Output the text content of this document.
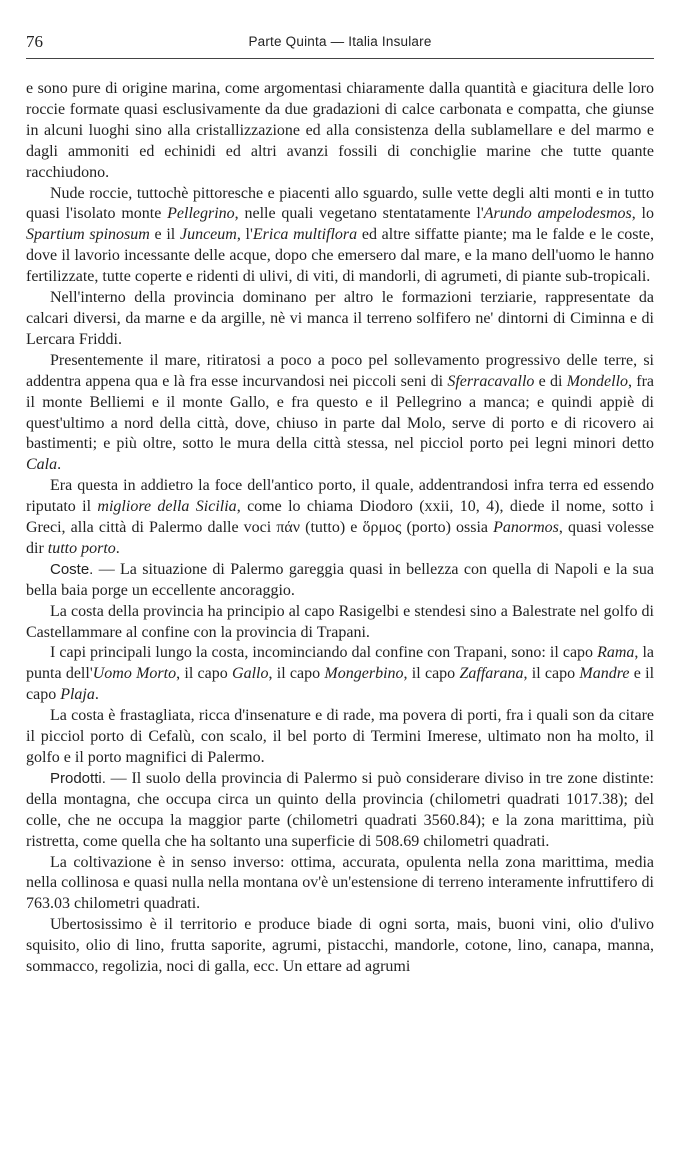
76	Parte Quinta — Italia Insulare

e sono pure di origine marina, come argomentasi chiaramente dalla quantità e giacitura delle loro roccie formate quasi esclusivamente da due gradazioni di calce carbonata e compatta, che giunse in alcuni luoghi sino alla cristallizzazione ed alla consistenza della sublamellare e del marmo e dagli ammoniti ed echinidi ed altri avanzi fossili di conchiglie marine che tutte quante racchiudono.

Nude roccie, tuttochè pittoresche e piacenti allo sguardo, sulle vette degli alti monti e in tutto quasi l'isolato monte Pellegrino, nelle quali vegetano stentatamente l'Arundo ampelodesmos, lo Spartium spinosum e il Junceum, l'Erica multiflora ed altre siffatte piante; ma le falde e le coste, dove il lavorio incessante delle acque, dopo che emersero dal mare, e la mano dell'uomo le hanno fertilizzate, tutte coperte e ridenti di ulivi, di viti, di mandorli, di agrumeti, di piante sub-tropicali.

Nell'interno della provincia dominano per altro le formazioni terziarie, rappresentate da calcari diversi, da marne e da argille, nè vi manca il terreno solfifero ne' dintorni di Ciminna e di Lercara Friddi.

Presentemente il mare, ritiratosi a poco a poco pel sollevamento progressivo delle terre, si addentra appena qua e là fra esse incurvandosi nei piccoli seni di Sferracavallo e di Mondello, fra il monte Belliemi e il monte Gallo, e fra questo e il Pellegrino a manca; e quindi appiè di quest'ultimo a nord della città, dove, chiuso in parte dal Molo, serve di porto e di ricovero ai bastimenti; e più oltre, sotto le mura della città stessa, nel picciol porto pei legni minori detto Cala.

Era questa in addietro la foce dell'antico porto, il quale, addentrandosi infra terra ed essendo riputato il migliore della Sicilia, come lo chiama Diodoro (xxii, 10, 4), diede il nome, sotto i Greci, alla città di Palermo dalle voci πάν (tutto) e ὅρμος (porto) ossia Panormos, quasi volesse dir tutto porto.

Coste. — La situazione di Palermo gareggia quasi in bellezza con quella di Napoli e la sua bella baia porge un eccellente ancoraggio.

La costa della provincia ha principio al capo Rasigelbi e stendesi sino a Balestrate nel golfo di Castellammare al confine con la provincia di Trapani.

I capi principali lungo la costa, incominciando dal confine con Trapani, sono: il capo Rama, la punta dell'Uomo Morto, il capo Gallo, il capo Mongerbino, il capo Zaffarana, il capo Mandre e il capo Plaja.

La costa è frastagliata, ricca d'insenature e di rade, ma povera di porti, fra i quali son da citare il picciol porto di Cefalù, con scalo, il bel porto di Termini Imerese, ultimato non ha molto, il golfo e il porto magnifici di Palermo.

Prodotti. — Il suolo della provincia di Palermo si può considerare diviso in tre zone distinte: della montagna, che occupa circa un quinto della provincia (chilometri quadrati 1017.38); del colle, che ne occupa la maggior parte (chilometri quadrati 3560.84); e la zona marittima, più ristretta, come quella che ha soltanto una superficie di 508.69 chilometri quadrati.

La coltivazione è in senso inverso: ottima, accurata, opulenta nella zona marittima, media nella collinosa e quasi nulla nella montana ov'è un'estensione di terreno interamente infruttifero di 763.03 chilometri quadrati.

Ubertosissimo è il territorio e produce biade di ogni sorta, mais, buoni vini, olio d'ulivo squisito, olio di lino, frutta saporite, agrumi, pistacchi, mandorle, cotone, lino, canapa, manna, sommacco, regolizia, noci di galla, ecc. Un ettare ad agrumi
